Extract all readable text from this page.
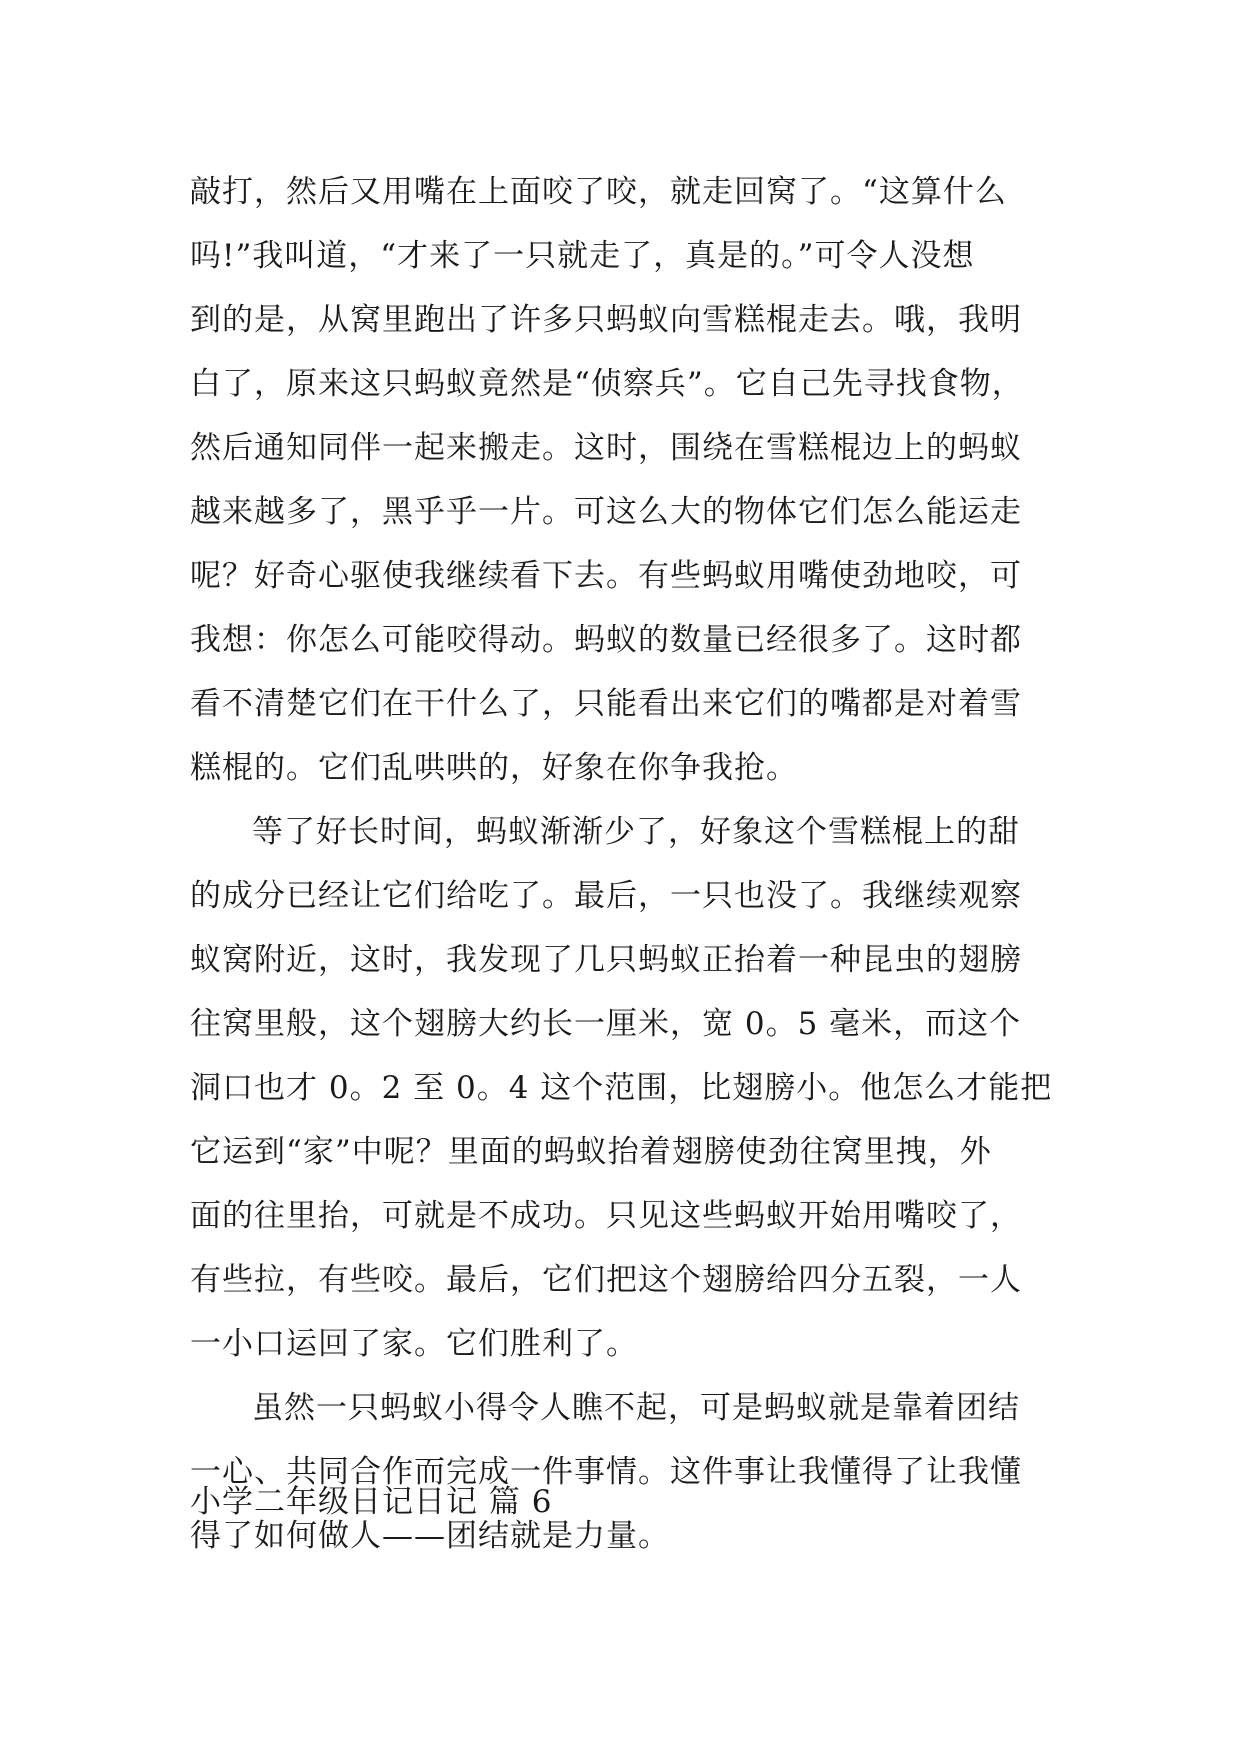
敲打，然后又用嘴在上面咬了咬，就走回窝了。“这算什么
吗!”我叫道，“才来了一只就走了，真是的。”可令人没想
到的是，从窝里跑出了许多只蚂蚁向雪糕棍走去。哦，我明
白了，原来这只蚂蚁竟然是“侦察兵”。它自己先寻找食物，
然后通知同伴一起来搬走。这时，围绕在雪糕棍边上的蚂蚁
越来越多了，黑乎乎一片。可这么大的物体它们怎么能运走
呢？好奇心驱使我继续看下去。有些蚂蚁用嘴使劲地咬，可
我想：你怎么可能咬得动。蚂蚁的数量已经很多了。这时都
看不清楚它们在干什么了，只能看出来它们的嘴都是对着雪
糕棍的。它们乱哄哄的，好象在你争我抢。
等了好长时间，蚂蚁渐渐少了，好象这个雪糕棍上的甜
的成分已经让它们给吃了。最后，一只也没了。我继续观察
蚁窝附近，这时，我发现了几只蚂蚁正抬着一种昆虫的翅膀
往窝里般，这个翅膀大约长一厘米，宽 0。5 毫米，而这个
洞口也才 0。2 至 0。4 这个范围，比翅膀小。他怎么才能把
它运到“家”中呢？里面的蚂蚁抬着翅膀使劲往窝里拽，外
面的往里抬，可就是不成功。只见这些蚂蚁开始用嘴咬了，
有些拉，有些咬。最后，它们把这个翅膀给四分五裂，一人
一小口运回了家。它们胜利了。
虽然一只蚂蚁小得令人瞧不起，可是蚂蚁就是靠着团结
一心、共同合作而完成一件事情。这件事让我懂得了让我懂
得了如何做人——团结就是力量。
小学二年级日记日记 篇 6
